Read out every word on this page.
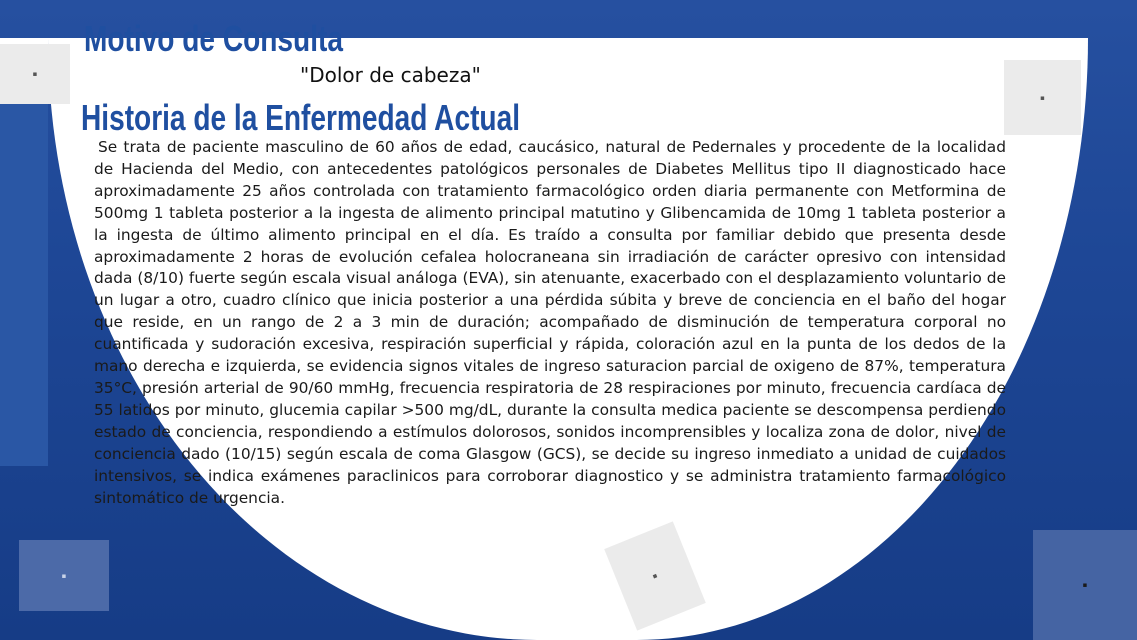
▪
▪
▪
▪
▪
Motivo de Consulta
"Dolor de cabeza"
Historia de la Enfermedad Actual
Se trata de paciente masculino de 60 años de edad, caucásico, natural de Pedernales y procedente de la localidad de Hacienda del Medio, con antecedentes patológicos personales de Diabetes Mellitus tipo II diagnosticado hace aproximadamente 25 años controlada con tratamiento farmacológico orden diaria permanente con Metformina de 500mg 1 tableta posterior a la ingesta de alimento principal matutino y Glibencamida de 10mg 1 tableta posterior a la ingesta de último alimento principal en el día. Es traído a consulta por familiar debido que presenta desde aproximadamente 2 horas de evolución cefalea holocraneana sin irradiación de carácter opresivo con intensidad dada (8/10) fuerte según escala visual análoga (EVA), sin atenuante, exacerbado con el desplazamiento voluntario de un lugar a otro, cuadro clínico que inicia posterior a una pérdida súbita y breve de conciencia en el baño del hogar que reside, en un rango de 2 a 3 min de duración; acompañado de disminución de temperatura corporal no cuantificada y sudoración excesiva, respiración superficial y rápida, coloración azul en la punta de los dedos de la mano derecha e izquierda, se evidencia signos vitales de ingreso saturacion parcial de oxigeno de 87%, temperatura 35°C, presión arterial de 90/60 mmHg, frecuencia respiratoria de 28 respiraciones por minuto, frecuencia cardíaca de 55 latidos por minuto, glucemia capilar >500 mg/dL, durante la consulta medica paciente se descompensa perdiendo estado de conciencia, respondiendo a estímulos dolorosos, sonidos incomprensibles y localiza zona de dolor, nivel de conciencia dado (10/15) según escala de coma Glasgow (GCS), se decide su ingreso inmediato a unidad de cuidados intensivos, se indica exámenes paraclinicos para corroborar diagnostico y se administra tratamiento farmacológico sintomático de urgencia.
